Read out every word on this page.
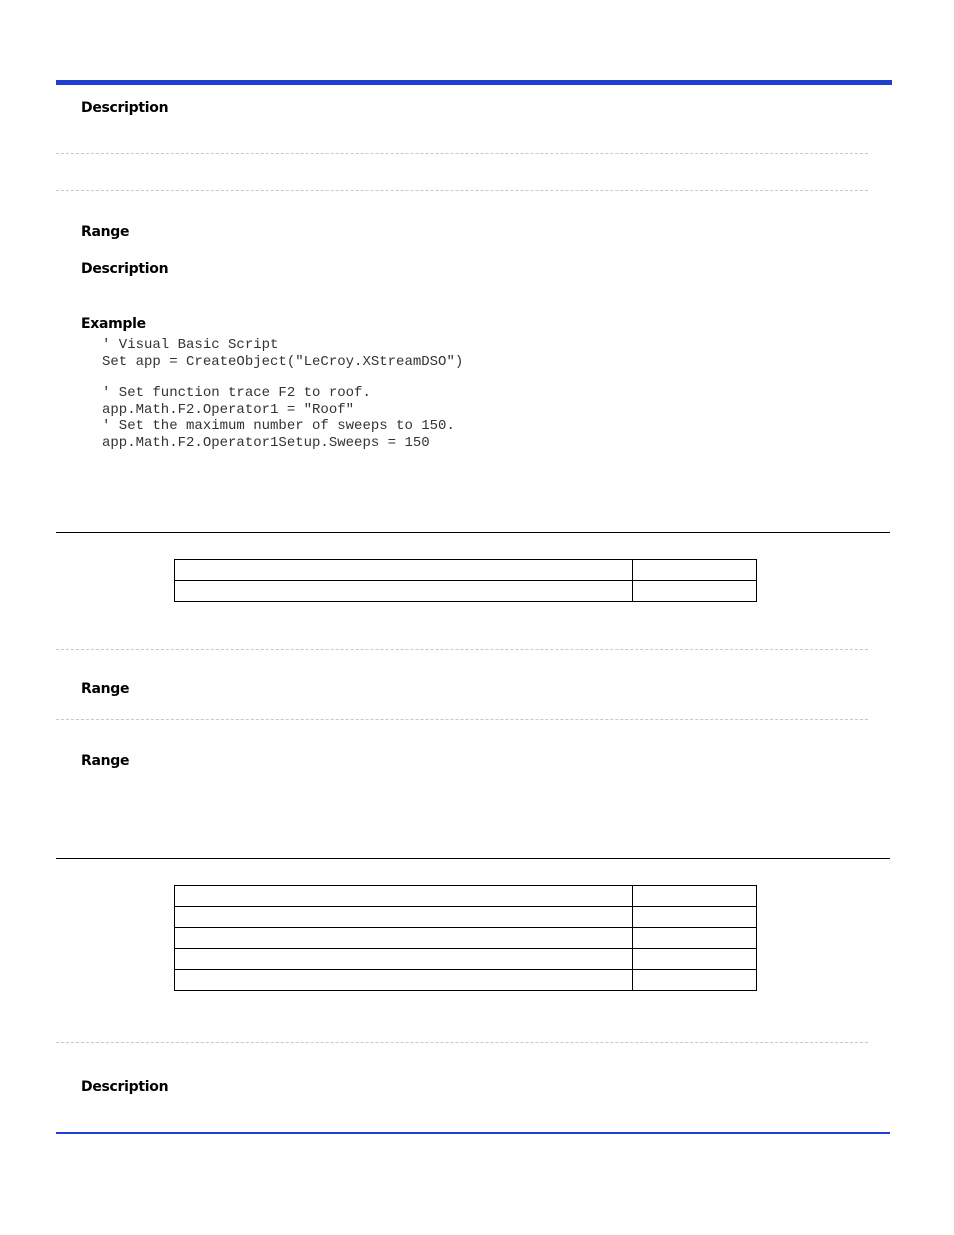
Description
Range
Description
Example
' Visual Basic Script
Set app = CreateObject("LeCroy.XStreamDSO")
' Set function trace F2 to roof.
app.Math.F2.Operator1 = "Roof"
' Set the maximum number of sweeps to 150.
app.Math.F2.Operator1Setup.Sweeps = 150

Range
Range

Description
